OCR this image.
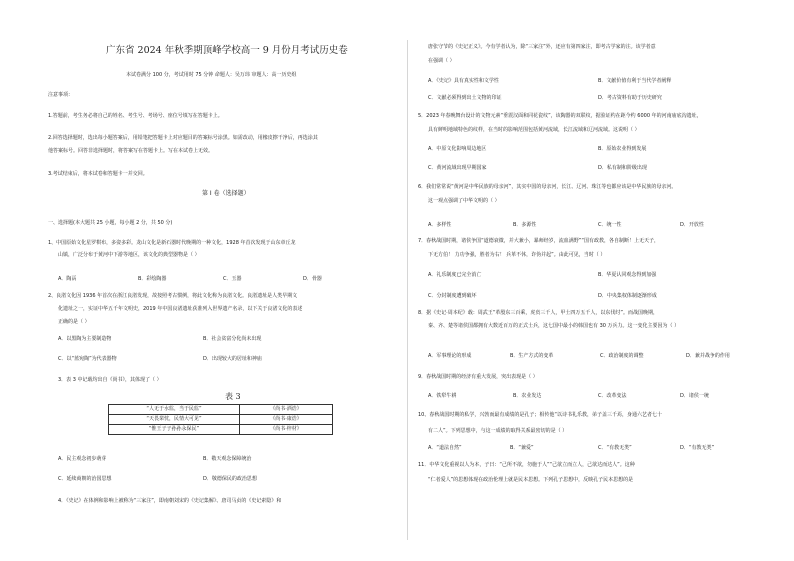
广东省 2024 年秋季期顶峰学校高一 9 月份月考试历史卷
本试卷满分 100 分，考试用时 75 分钟 命题人：吴万玮 审题人：高一历史组
注意事项：
1.答题前，考生务必将自己的姓名、考生号、考场号、座位号填写在答题卡上。
2.回答选择题时，选出每小题答案后，用铅笔把答题卡上对应题目的答案标号涂黑。如需改动，用橡皮擦干净后，再选涂其
他答案标号。回答非选择题时，将答案写在答题卡上。写在本试卷上无效。
3.考试结束后，将本试卷和答题卡一并交回。
第 I 卷（选择题）
一、选择题(本大题共 25 小题，每小题 2 分，共 50 分)
1、中国原始文化星罗棋布，多姿多彩。龙山文化是新石器时代晚期的一种文化，1928 年首次发现于山东章丘龙
山镇，广泛分布于黄河中下游等地区，该文化的典型器物是（ ）
A．陶鬲	B．彩绘陶器	C．玉器	D．骨器
2、良渚文化因 1936 年首次在浙江良渚发现，故按照考古惯例，将此文化称为良渚文化。良渚遗址是人类早期文
化遗址之一，实证中华五千年文明史，2019 年中国良渚遗址获准列入世界遗产名录，以下关于良渚文化的表述
正确的是（ ）
A．以黑陶为主要制造物	B．社会贫富分化尚未出现
C．以“蓝宛陶”为代表器物	D．出现较大的居址和神庙
3．表 3 中记载均出自《尚书》，其体现了（ ）
表 3
“人无于水监，当于民监”	《尚书·酒诰》
“天畏棐忱，民情大可见”	《尚书·康诰》
“惟王子子孙孙永保民”	《尚书·梓材》
A．民主观念初步萌芽	B．敬天观念保障统治
C．延续商朝的治国思想	D．敬德保民的政治思想
4．《史记》在体例和影响上被称为“三家注”，即南朝刘宋的《史记集解》、唐司马贞的《史记索隐》和
唐张守节的《史记正义》。今有学者认为，除“三家注”外，还应有第四家注，即考古学家的注。该学者意
在强调（ ）
A．《史记》具有真实性和文学性	B．文献价值有利于当代学者阐释
C．文献必须得到出土文物的印证	D．考古资料有助于历史研究
5．2023 年春晚舞台设计的文物元素“垂震汉面和同花瓷纹”，该陶器的双联纹，据验证约在距今约 6000 年的河南庙底沟遗址，
具有鲜明地域特色的纹样，在当时的影响范围包括黄河流域，长江流域和辽河流域。这说明（ ）
A．中原文化影响周边地区	B．原始农业得到发展
C．黄河流域出现早期国家	D．私有制和阶级出现
6．我们常常说“黄河是中华民族的母亲河”，其实中国的母亲河，长江、辽河、珠江等也都应该是中华民族的母亲河。
这一观点强调了中华文明的（ ）
A．多样性	B．多源性	C．统一性	D．开放性
7．春秋战国时期，诸侯争国“道德衰微，并大兼小，暴师经岁，流血满野”“国有政教，各自制断！上无天子，
下无方伯！ 力功争强，胜者为右！ 兵革不休，诈伪并起”。由此可见，当时（ ）
A．礼乐制度已完全消亡	B．华夏认同观念得到加强
C．分封制度遭到破坏	D．中央集权体制逐渐形成
8．据《史记·周本纪》载：周武王“革殷东三百乘，虎贲三千人，甲士四万五千人，以东伐纣”。而战国晚期，
秦、齐、楚等诸侯国都拥有大数近百万的正式士兵，这七国中最小的韩国也有 30 万兵力。这一变化主要因为（ ）
A．军事理论的形成	B．生产方式的变革	C．政治制度的调整	D．兼并战争的作用
9．春秋战国时期的经济有重大发展，突出表现是（ ）
A．铁犁牛耕	B．农业发达	C．改革变法	D．诸侯一统
10、春秋战国时期的私学，兴勃而最有成绩的是孔子；相传他“以诗书礼乐教，弟子盖三千焉，身通六艺者七十
有二人”。下列思想中，与这一成绩的取得关系最密切的是（ ）
A．“道法自然”	B．“兼爱”	C．“有教无类”	D．“有教无类”
11．中华文化重视以人为本，子曰：“己所不欲，勿施于人”“己欲立而立人，己欲达而达人”。这种
“仁者爱人”的思想体现在政治伦理上就是民本思想。下列孔子思想中，反映孔子民本思想的是
